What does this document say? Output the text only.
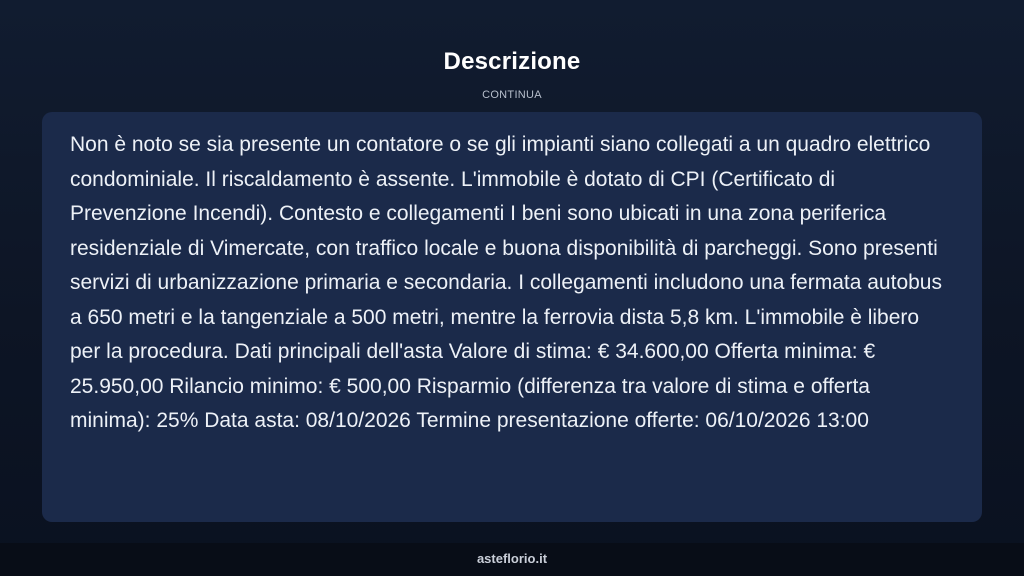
Descrizione
CONTINUA

Non è noto se sia presente un contatore o se gli impianti siano collegati a un quadro elettrico condominiale. Il riscaldamento è assente. L'immobile è dotato di CPI (Certificato di Prevenzione Incendi). Contesto e collegamenti I beni sono ubicati in una zona periferica residenziale di Vimercate, con traffico locale e buona disponibilità di parcheggi. Sono presenti servizi di urbanizzazione primaria e secondaria. I collegamenti includono una fermata autobus a 650 metri e la tangenziale a 500 metri, mentre la ferrovia dista 5,8 km. L'immobile è libero per la procedura. Dati principali dell'asta Valore di stima: € 34.600,00 Offerta minima: € 25.950,00 Rilancio minimo: € 500,00 Risparmio (differenza tra valore di stima e offerta minima): 25% Data asta: 08/10/2026 Termine presentazione offerte: 06/10/2026 13:00

asteflorio.it
